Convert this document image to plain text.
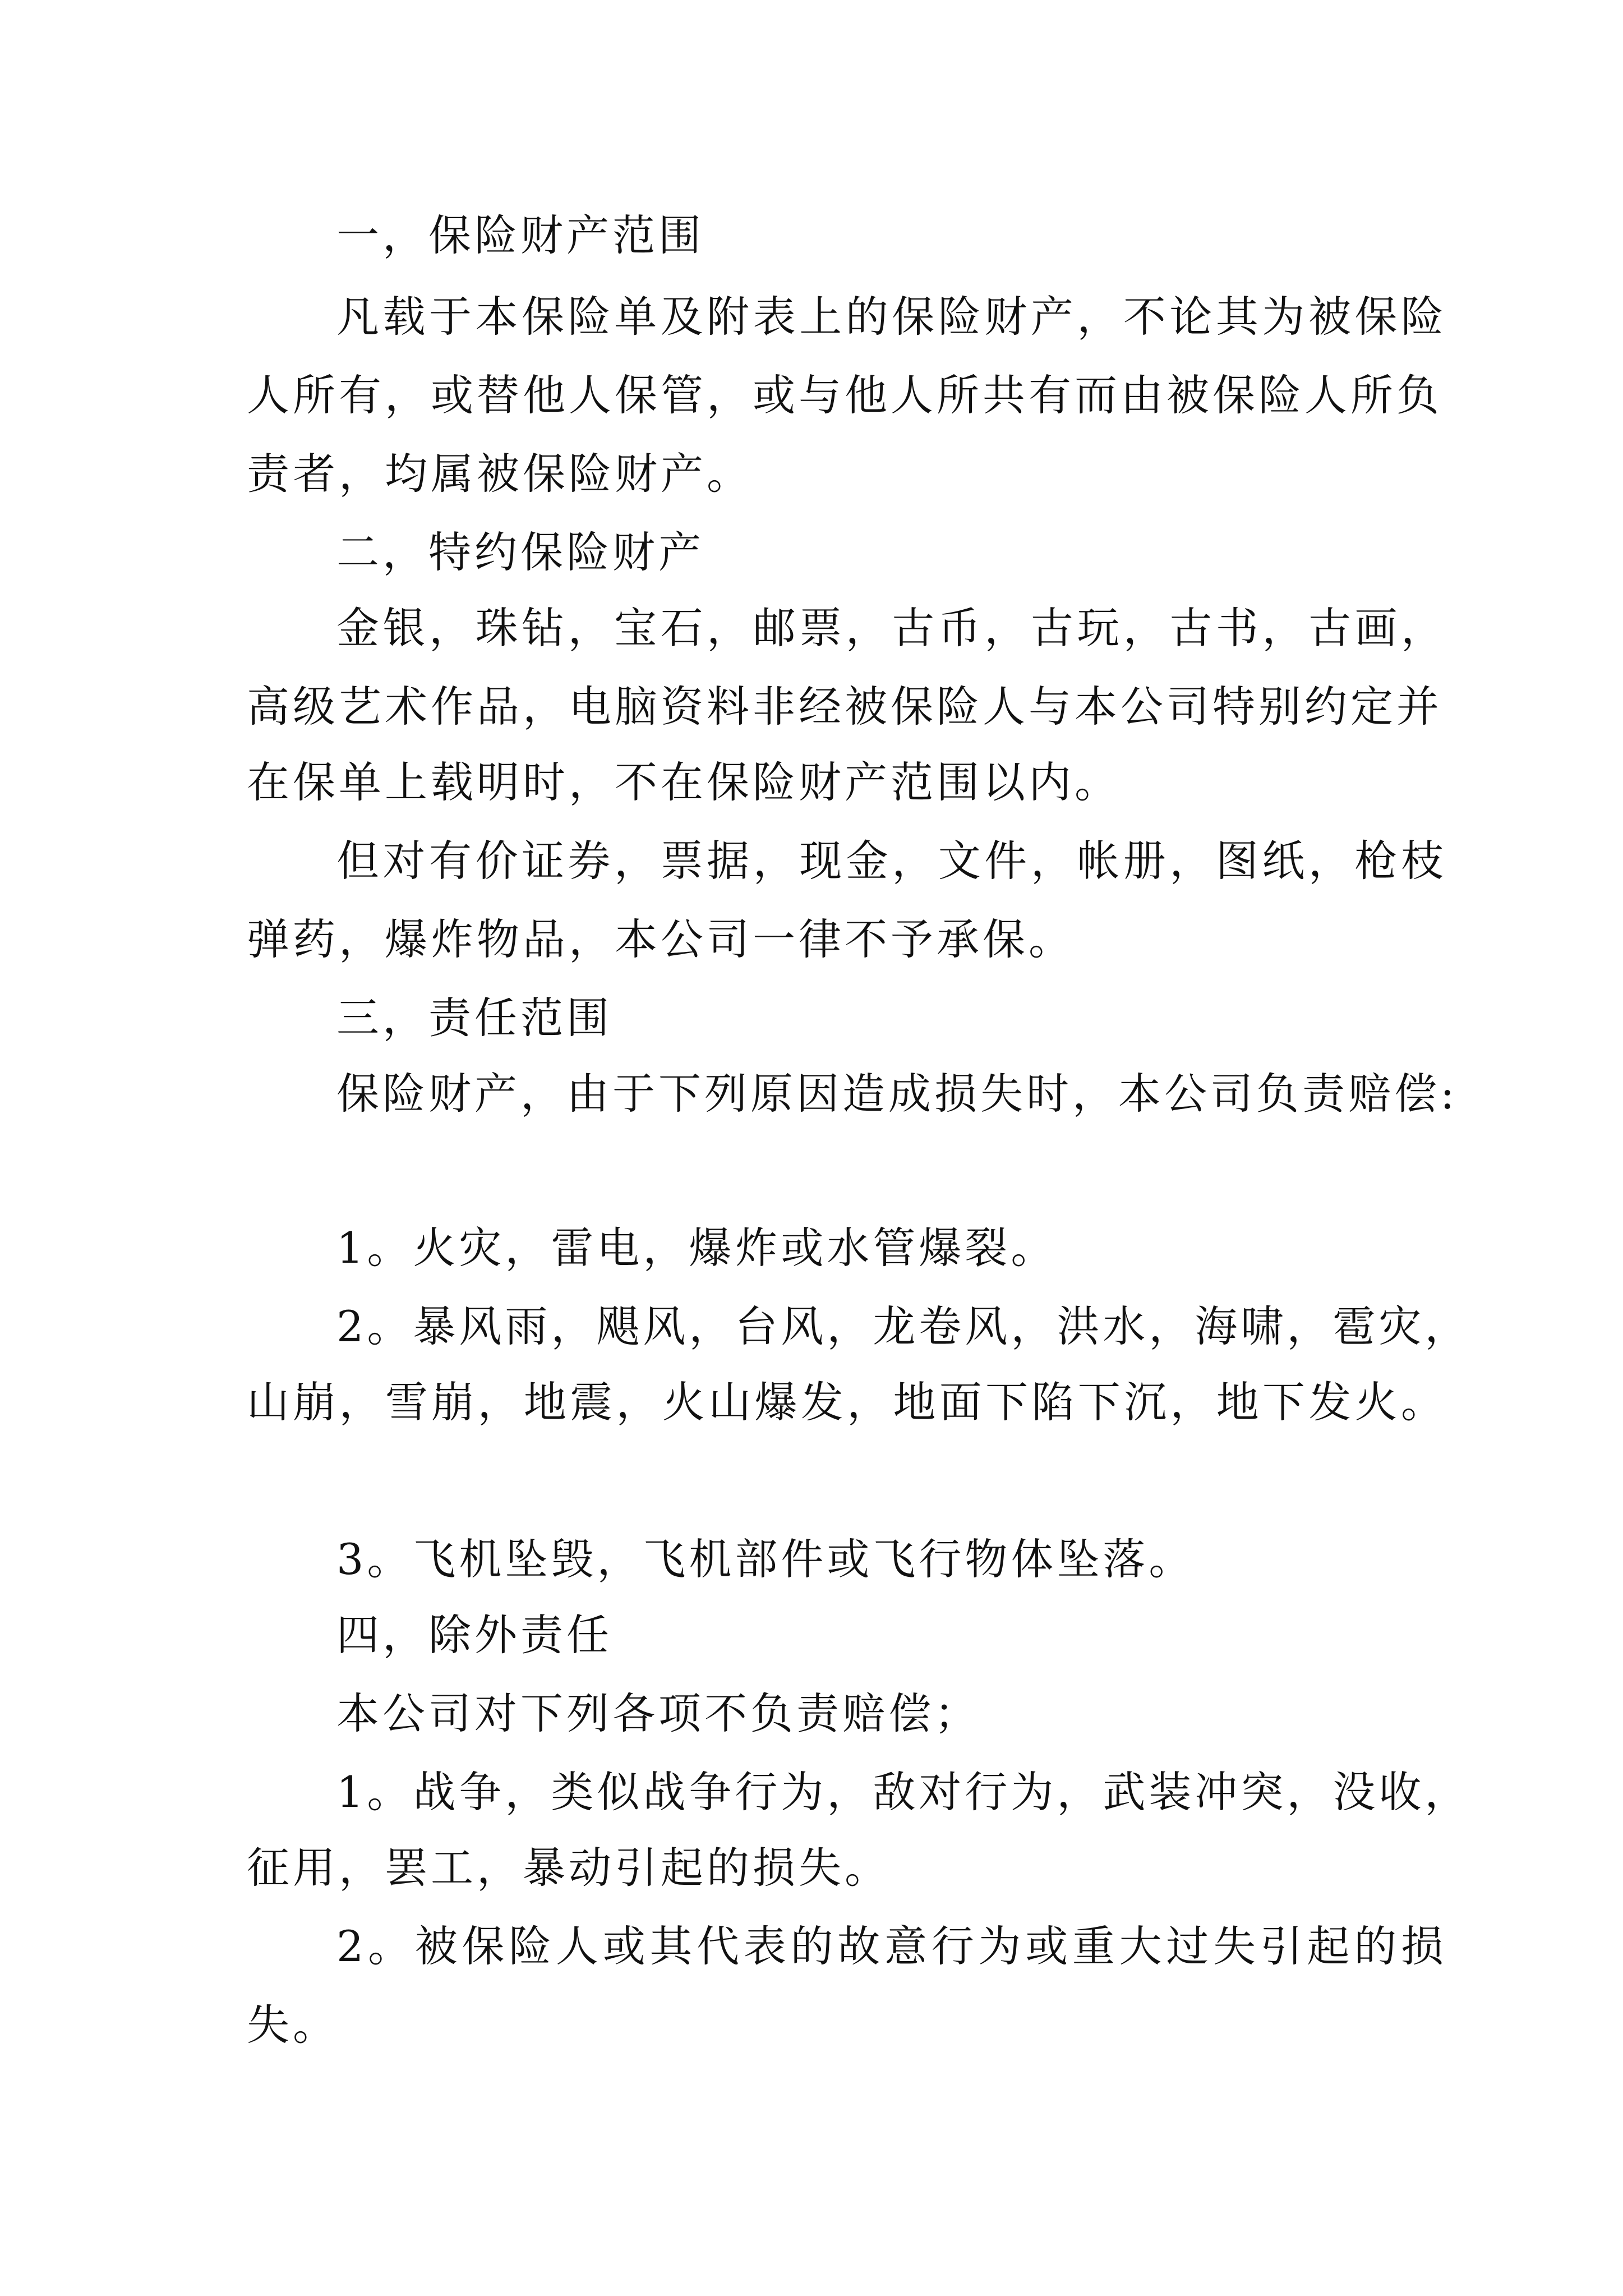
一，保险财产范围
凡载于本保险单及附表上的保险财产，不论其为被保险
人所有，或替他人保管，或与他人所共有而由被保险人所负
责者，均属被保险财产。
二，特约保险财产
金银，珠钻，宝石，邮票，古币，古玩，古书，古画，
高级艺术作品，电脑资料非经被保险人与本公司特别约定并
在保单上载明时，不在保险财产范围以内。
但对有价证券，票据，现金，文件，帐册，图纸，枪枝
弹药，爆炸物品，本公司一律不予承保。
三，责任范围
保险财产，由于下列原因造成损失时，本公司负责赔偿:
1。火灾，雷电，爆炸或水管爆裂。
2。暴风雨，飓风，台风，龙卷风，洪水，海啸，雹灾，
山崩，雪崩，地震，火山爆发，地面下陷下沉，地下发火。
3。飞机坠毁，飞机部件或飞行物体坠落。
四，除外责任
本公司对下列各项不负责赔偿；
1。战争，类似战争行为，敌对行为，武装冲突，没收，
征用，罢工，暴动引起的损失。
2。被保险人或其代表的故意行为或重大过失引起的损
失。
